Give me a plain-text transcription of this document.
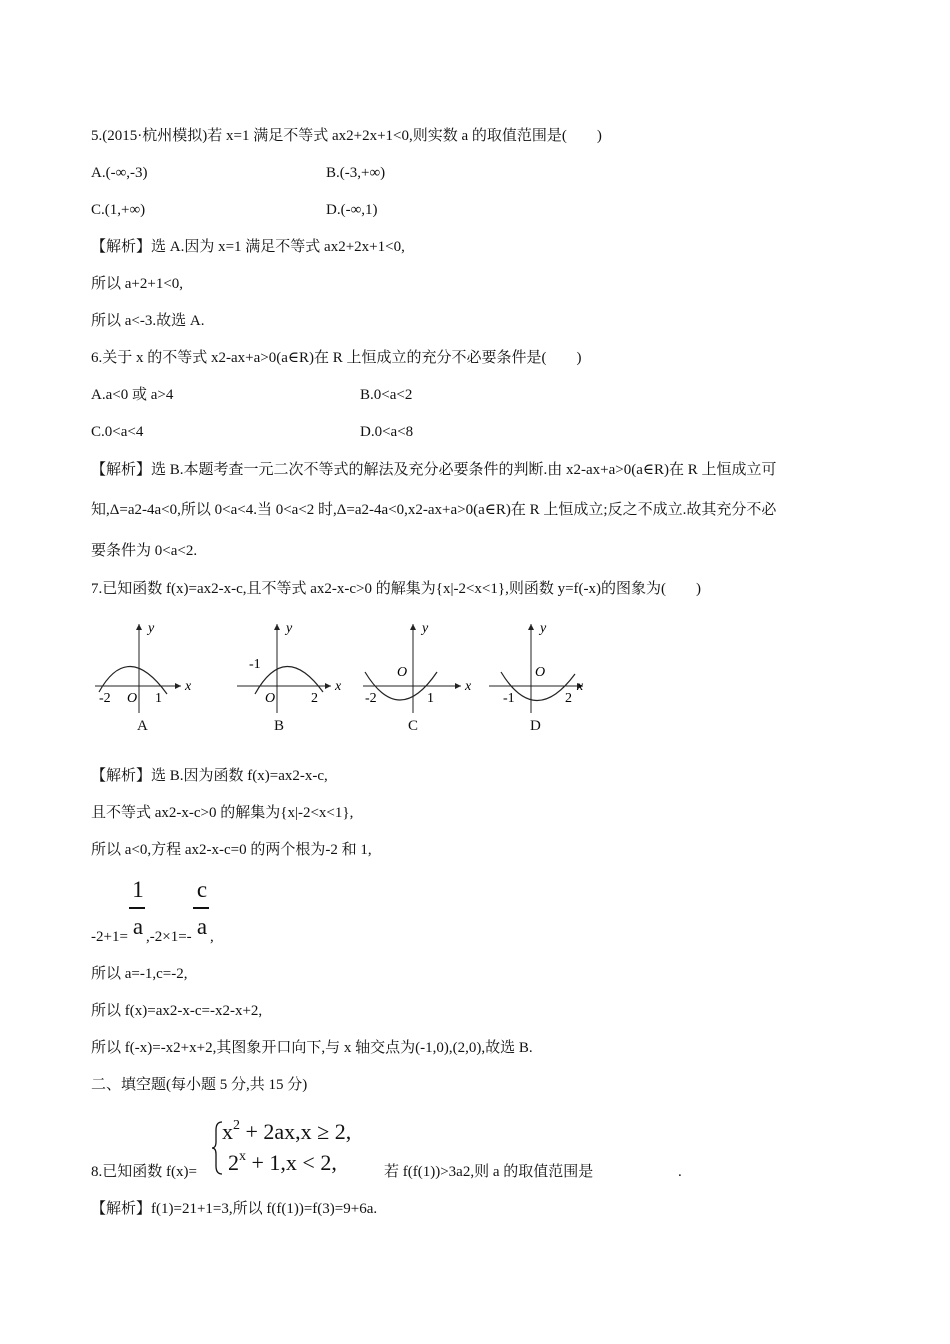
5.(2015·杭州模拟)若 x=1 满足不等式 ax2+2x+1<0,则实数 a 的取值范围是(        )
A.(-∞,-3)	B.(-3,+∞)
C.(1,+∞)	D.(-∞,1)
【解析】选 A.因为 x=1 满足不等式 ax2+2x+1<0,
所以 a+2+1<0,
所以 a<-3.故选 A.
6.关于 x 的不等式 x2-ax+a>0(a∈R)在 R 上恒成立的充分不必要条件是(        )
A.a<0 或 a>4	B.0<a<2
C.0<a<4	D.0<a<8
【解析】选 B.本题考查一元二次不等式的解法及充分必要条件的判断.由 x2-ax+a>0(a∈R)在 R 上恒成立可
知,Δ=a2-4a<0,所以 0<a<4.当 0<a<2 时,Δ=a2-4a<0,x2-ax+a>0(a∈R)在 R 上恒成立;反之不成立.故其充分不必
要条件为 0<a<2.
7.已知函数 f(x)=ax2-x-c,且不等式 ax2-x-c>0 的解集为{x|-2<x<1},则函数 y=f(-x)的图象为(        )
y
x
-2 O 1
A
y
x
-1
O	2
B
y
x
-2
O
1
C
y
x
-1
O
2
D
【解析】选 B.因为函数 f(x)=ax2-x-c,
且不等式 ax2-x-c>0 的解集为{x|-2<x<1},
所以 a<0,方程 ax2-x-c=0 的两个根为-2 和 1,
1 c
-2+1= a ,-2×1=- a ,
所以 a=-1,c=-2,
所以 f(x)=ax2-x-c=-x2-x+2,
所以 f(-x)=-x2+x+2,其图象开口向下,与 x 轴交点为(-1,0),(2,0),故选 B.
二、填空题(每小题 5 分,共 15 分)
$x^2 + 2ax,x \ge 2$,
$2^x + 1,x < 2$,
8.已知函数 f(x)=	若 f(f(1))>3a2,则 a 的取值范围是	.
【解析】f(1)=21+1=3,所以 f(f(1))=f(3)=9+6a.
